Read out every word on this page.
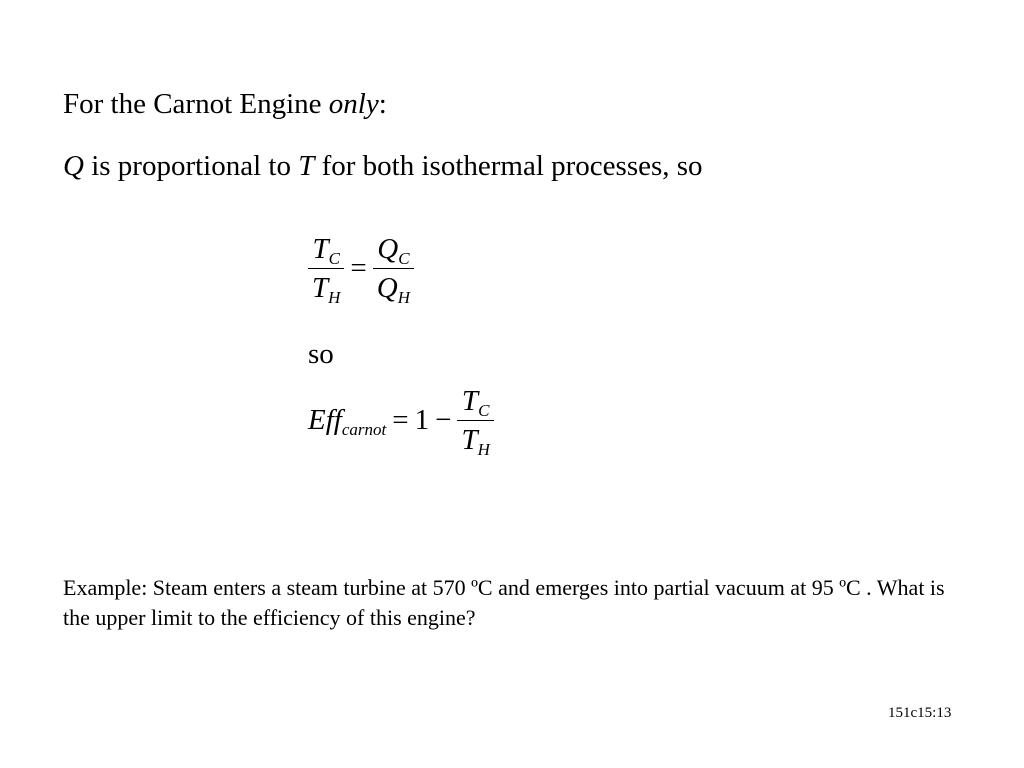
For the Carnot Engine only:
Q is proportional to T for both isothermal processes, so
$\frac{T_C}{T_H} = \frac{Q_C}{Q_H}$
so
$Eff_{carnot} = 1 - \frac{T_C}{T_H}$
Example: Steam enters a steam turbine at 570 ºC and emerges into partial vacuum at 95 ºC . What is the upper limit to the efficiency of this engine?
151c15:13
